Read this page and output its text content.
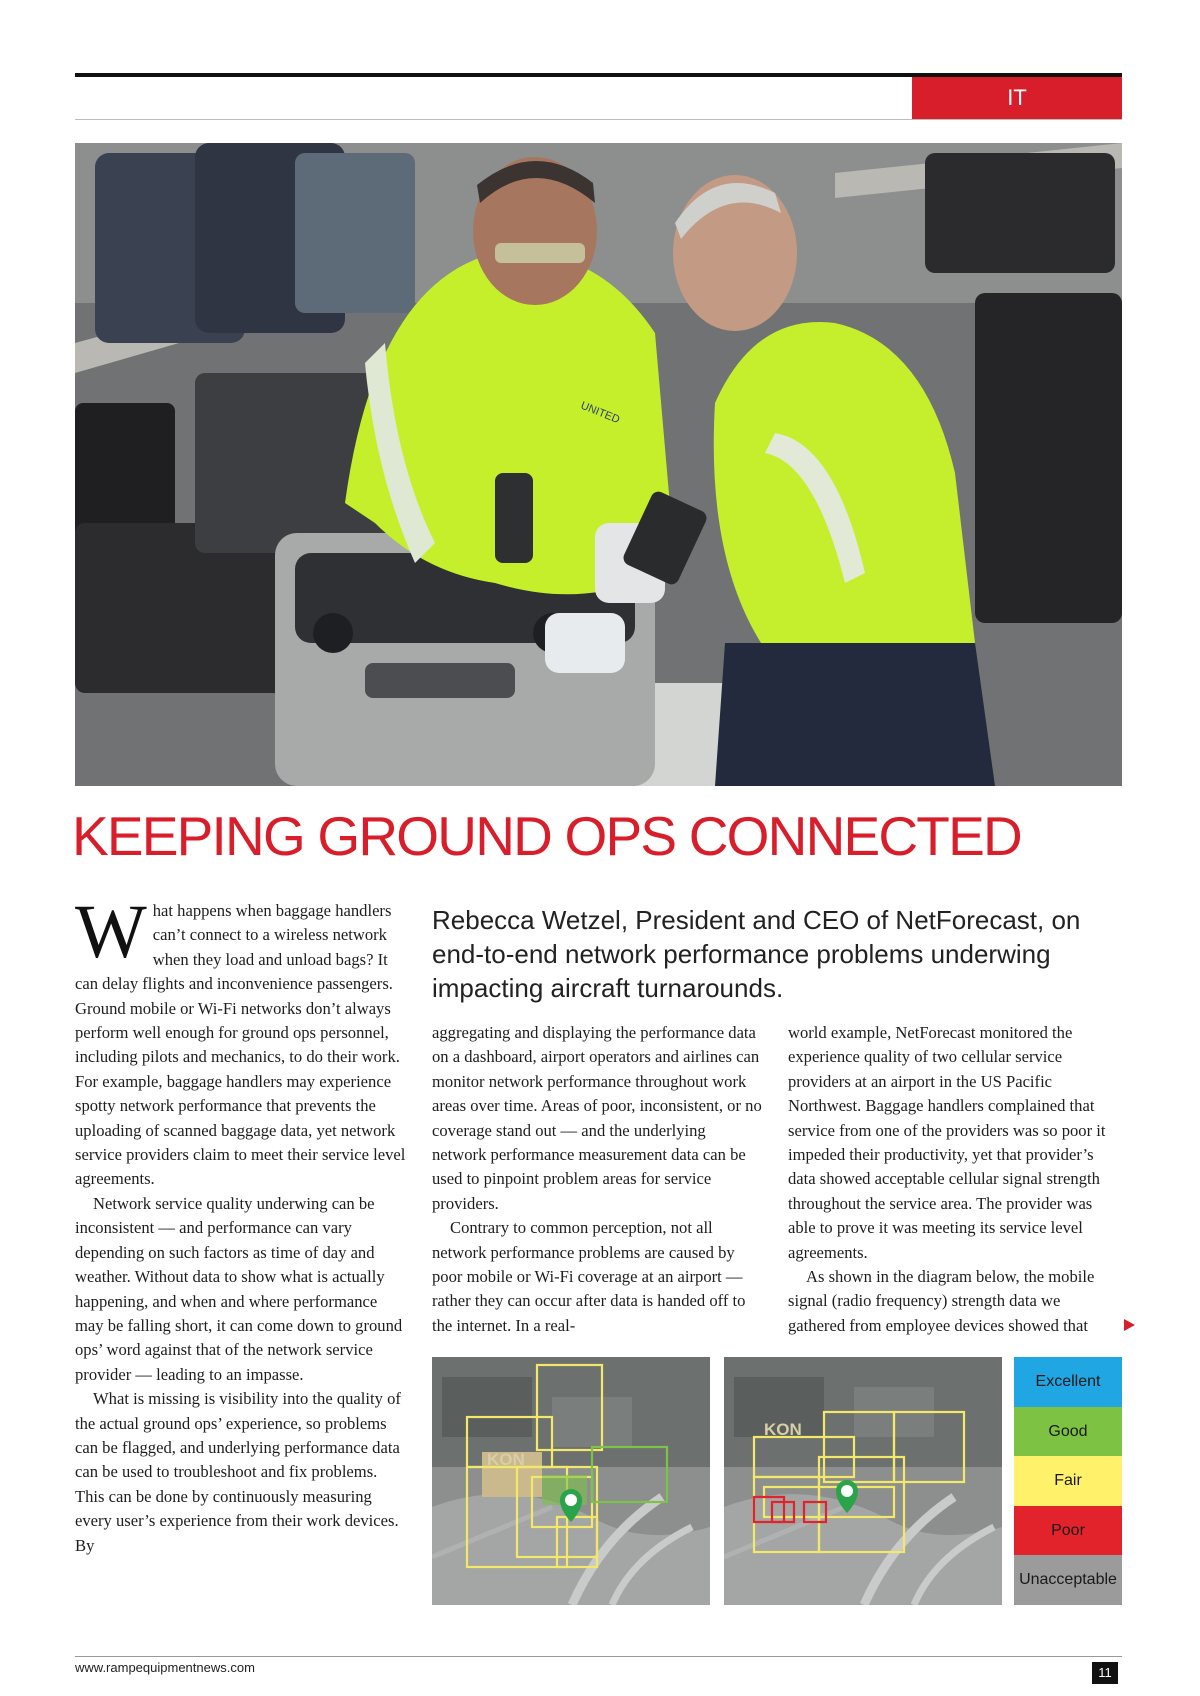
IT
UNITED
KEEPING GROUND OPS CONNECTED
Rebecca Wetzel, President and CEO of NetForecast, on end-to-end network performance problems underwing impacting aircraft turnarounds.
W hat happens when baggage handlers can’t connect to a wireless network when they load and unload bags? It can delay flights and inconvenience passengers. Ground mobile or Wi-Fi networks don’t always perform well enough for ground ops personnel, including pilots and mechanics, to do their work. For example, baggage handlers may experience spotty network performance that prevents the uploading of scanned baggage data, yet network service providers claim to meet their service level agreements.

Network service quality underwing can be inconsistent — and performance can vary depending on such factors as time of day and weather. Without data to show what is actually happening, and when and where performance may be falling short, it can come down to ground ops’ word against that of the network service provider — leading to an impasse.

What is missing is visibility into the quality of the actual ground ops’ experience, so problems can be flagged, and underlying performance data can be used to troubleshoot and fix problems. This can be done by continuously measuring every user’s experience from their work devices. By

aggregating and displaying the performance data on a dashboard, airport operators and airlines can monitor network performance throughout work areas over time. Areas of poor, inconsistent, or no coverage stand out — and the underlying network performance measurement data can be used to pinpoint problem areas for service providers.

Contrary to common perception, not all network performance problems are caused by poor mobile or Wi-Fi coverage at an airport — rather they can occur after data is handed off to the internet. In a real-

world example, NetForecast monitored the experience quality of two cellular service providers at an airport in the US Pacific Northwest. Baggage handlers complained that service from one of the providers was so poor it impeded their productivity, yet that provider’s data showed acceptable cellular signal strength throughout the service area. The provider was able to prove it was meeting its service level agreements.

As shown in the diagram below, the mobile signal (radio frequency) strength data we gathered from employee devices showed that

KON
KON
Excellent
Good
Fair
Poor
Unacceptable
www.rampequipmentnews.com	11
